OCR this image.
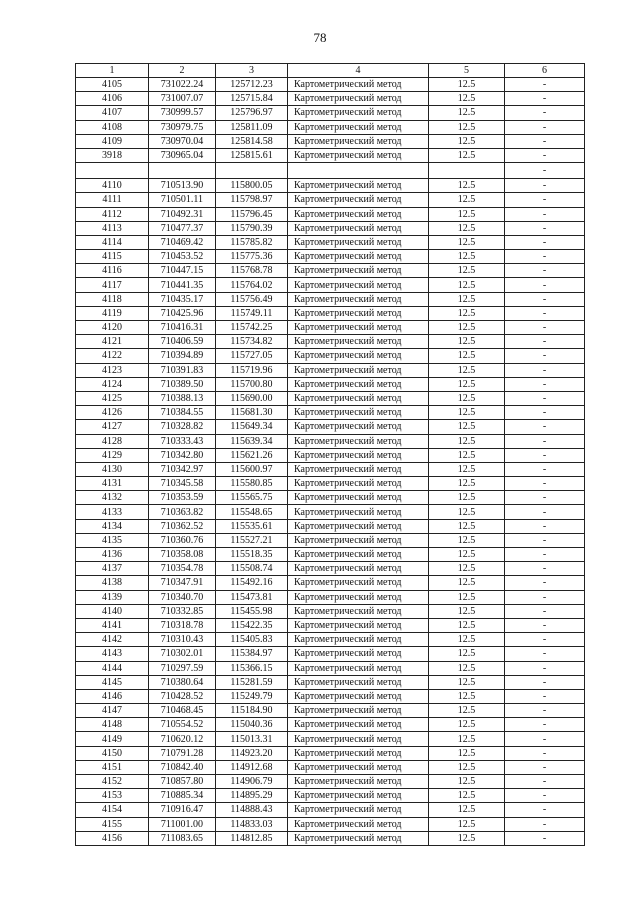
78
1	2	3	4	5	6
4105	731022.24	125712.23	Картометрический метод	12.5	-
4106	731007.07	125715.84	Картометрический метод	12.5	-
4107	730999.57	125796.97	Картометрический метод	12.5	-
4108	730979.75	125811.09	Картометрический метод	12.5	-
4109	730970.04	125814.58	Картометрический метод	12.5	-
3918	730965.04	125815.61	Картометрический метод	12.5	-
					-
4110	710513.90	115800.05	Картометрический метод	12.5	-
4111	710501.11	115798.97	Картометрический метод	12.5	-
4112	710492.31	115796.45	Картометрический метод	12.5	-
4113	710477.37	115790.39	Картометрический метод	12.5	-
4114	710469.42	115785.82	Картометрический метод	12.5	-
4115	710453.52	115775.36	Картометрический метод	12.5	-
4116	710447.15	115768.78	Картометрический метод	12.5	-
4117	710441.35	115764.02	Картометрический метод	12.5	-
4118	710435.17	115756.49	Картометрический метод	12.5	-
4119	710425.96	115749.11	Картометрический метод	12.5	-
4120	710416.31	115742.25	Картометрический метод	12.5	-
4121	710406.59	115734.82	Картометрический метод	12.5	-
4122	710394.89	115727.05	Картометрический метод	12.5	-
4123	710391.83	115719.96	Картометрический метод	12.5	-
4124	710389.50	115700.80	Картометрический метод	12.5	-
4125	710388.13	115690.00	Картометрический метод	12.5	-
4126	710384.55	115681.30	Картометрический метод	12.5	-
4127	710328.82	115649.34	Картометрический метод	12.5	-
4128	710333.43	115639.34	Картометрический метод	12.5	-
4129	710342.80	115621.26	Картометрический метод	12.5	-
4130	710342.97	115600.97	Картометрический метод	12.5	-
4131	710345.58	115580.85	Картометрический метод	12.5	-
4132	710353.59	115565.75	Картометрический метод	12.5	-
4133	710363.82	115548.65	Картометрический метод	12.5	-
4134	710362.52	115535.61	Картометрический метод	12.5	-
4135	710360.76	115527.21	Картометрический метод	12.5	-
4136	710358.08	115518.35	Картометрический метод	12.5	-
4137	710354.78	115508.74	Картометрический метод	12.5	-
4138	710347.91	115492.16	Картометрический метод	12.5	-
4139	710340.70	115473.81	Картометрический метод	12.5	-
4140	710332.85	115455.98	Картометрический метод	12.5	-
4141	710318.78	115422.35	Картометрический метод	12.5	-
4142	710310.43	115405.83	Картометрический метод	12.5	-
4143	710302.01	115384.97	Картометрический метод	12.5	-
4144	710297.59	115366.15	Картометрический метод	12.5	-
4145	710380.64	115281.59	Картометрический метод	12.5	-
4146	710428.52	115249.79	Картометрический метод	12.5	-
4147	710468.45	115184.90	Картометрический метод	12.5	-
4148	710554.52	115040.36	Картометрический метод	12.5	-
4149	710620.12	115013.31	Картометрический метод	12.5	-
4150	710791.28	114923.20	Картометрический метод	12.5	-
4151	710842.40	114912.68	Картометрический метод	12.5	-
4152	710857.80	114906.79	Картометрический метод	12.5	-
4153	710885.34	114895.29	Картометрический метод	12.5	-
4154	710916.47	114888.43	Картометрический метод	12.5	-
4155	711001.00	114833.03	Картометрический метод	12.5	-
4156	711083.65	114812.85	Картометрический метод	12.5	-
